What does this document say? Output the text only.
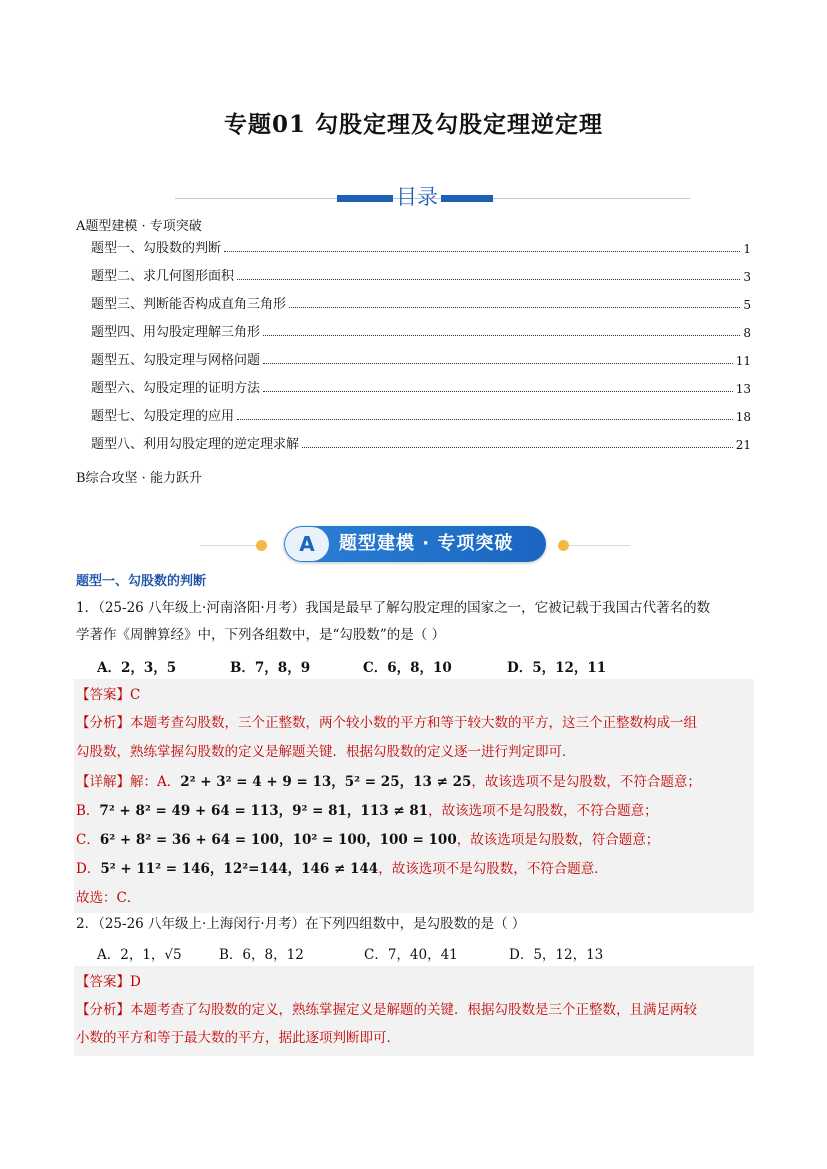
专题01 勾股定理及勾股定理逆定理
目录
A题型建模 · 专项突破
题型一、勾股数的判断	1
题型二、求几何图形面积	3
题型三、判断能否构成直角三角形	5
题型四、用勾股定理解三角形	8
题型五、勾股定理与网格问题	11
题型六、勾股定理的证明方法	13
题型七、勾股定理的应用	18
题型八、利用勾股定理的逆定理求解	21
B综合攻坚 · 能力跃升
A	题型建模 · 专项突破
题型一、勾股数的判断
1．（25-26 八年级上·河南洛阳·月考）我国是最早了解勾股定理的国家之一，它被记载于我国古代著名的数
学著作《周髀算经》中，下列各组数中，是“勾股数”的是（ ）
A．2，3，5	B．7，8，9	C．6，8，10	D．5，12，11
【答案】C
【分析】本题考查勾股数，三个正整数，两个较小数的平方和等于较大数的平方，这三个正整数构成一组
勾股数，熟练掌握勾股数的定义是解题关键．根据勾股数的定义逐一进行判定即可．
【详解】解：A．2² + 3² = 4 + 9 = 13，5² = 25，13 ≠ 25，故该选项不是勾股数，不符合题意；
B．7² + 8² = 49 + 64 = 113，9² = 81，113 ≠ 81，故该选项不是勾股数，不符合题意；
C．6² + 8² = 36 + 64 = 100，10² = 100，100 = 100，故该选项是勾股数，符合题意；
D．5² + 11² = 146，12²=144，146 ≠ 144，故该选项不是勾股数，不符合题意．
故选：C．
2．（25-26 八年级上·上海闵行·月考）在下列四组数中，是勾股数的是（ ）
A．2，1，√5	B．6，8，12	C．7，40，41	D．5，12，13
【答案】D
【分析】本题考查了勾股数的定义，熟练掌握定义是解题的关键．根据勾股数是三个正整数，且满足两较
小数的平方和等于最大数的平方，据此逐项判断即可．
